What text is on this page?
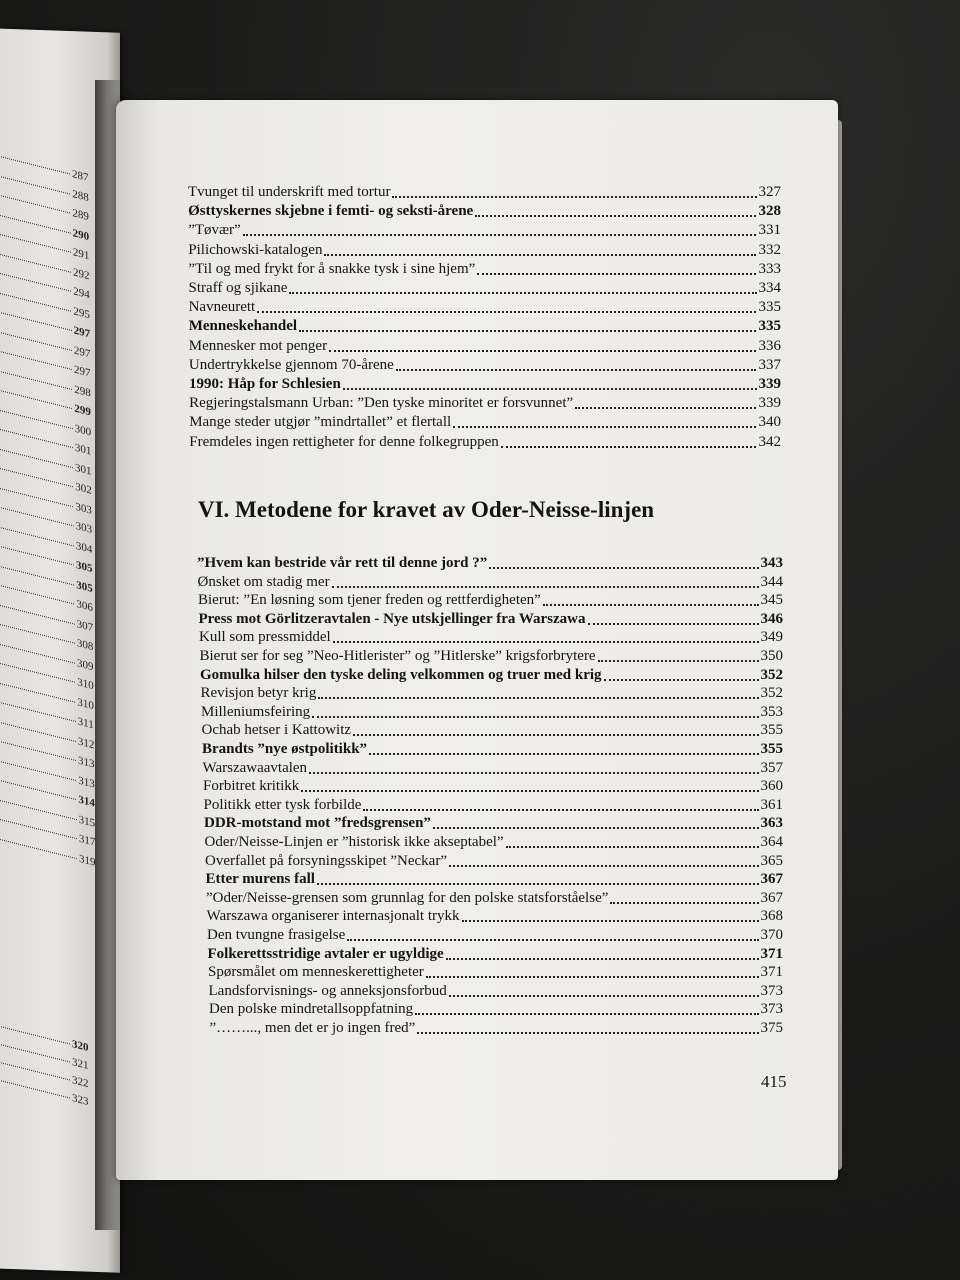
287
288
289
290
291
292
294
295
297
297
297
298
299
300
301
301
302
303
303
304
305
305
306
307
308
309
310
310
311
312
313
313
314
315
317
319
320
321
322
323
Tvunget til underskrift med tortur	327
Østtyskernes skjebne i femti- og seksti-årene	328
”Tøvær”	331
Pilichowski-katalogen	332
”Til og med frykt for å snakke tysk i sine hjem”	333
Straff og sjikane	334
Navneurett	335
Menneskehandel	335
Mennesker mot penger	336
Undertrykkelse gjennom 70-årene	337
1990: Håp for Schlesien	339
Regjeringstalsmann Urban: ”Den tyske minoritet er forsvunnet”	339
Mange steder utgjør ”mindrtallet” et flertall	340
Fremdeles ingen rettigheter for denne folkegruppen	342
”Hvem kan bestride vår rett til denne jord ?”	343
Ønsket om stadig mer	344
Bierut: ”En løsning som tjener freden og rettferdigheten”	345
Press mot Görlitzeravtalen - Nye utskjellinger fra Warszawa	346
Kull som pressmiddel	349
Bierut ser for seg ”Neo-Hitlerister” og ”Hitlerske” krigsforbrytere	350
Gomulka hilser den tyske deling velkommen og truer med krig	352
Revisjon betyr krig	352
Milleniumsfeiring	353
Ochab hetser i Kattowitz	355
Brandts ”nye østpolitikk”	355
Warszawaavtalen	357
Forbitret kritikk	360
Politikk etter tysk forbilde	361
DDR-motstand mot ”fredsgrensen”	363
Oder/Neisse-Linjen er ”historisk ikke akseptabel”	364
Overfallet på forsyningsskipet ”Neckar”	365
Etter murens fall	367
”Oder/Neisse-grensen som grunnlag for den polske statsforståelse”	367
Warszawa organiserer internasjonalt trykk	368
Den tvungne frasigelse	370
Folkerettsstridige avtaler er ugyldige	371
Spørsmålet om menneskerettigheter	371
Landsforvisnings- og anneksjonsforbud	373
Den polske mindretallsoppfatning	373
”……..., men det er jo ingen fred”	375
VI. Metodene for kravet av Oder-Neisse-linjen
415
